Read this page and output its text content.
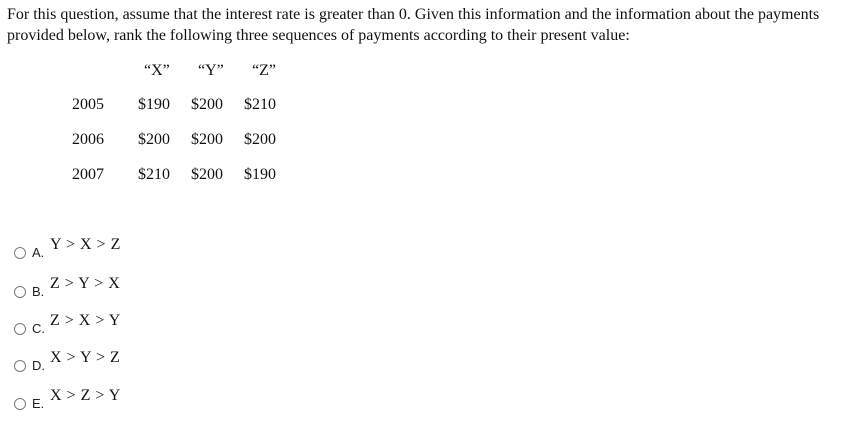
For this question, assume that the interest rate is greater than 0. Given this information and the information about the payments provided below, rank the following three sequences of payments according to their present value:

“X” “Y” “Z”
2005 $190 $200 $210
2006 $200 $200 $200
2007 $210 $200 $190
A. Y > X > Z
B. Z > Y > X
C. Z > X > Y
D. X > Y > Z
E. X > Z > Y
